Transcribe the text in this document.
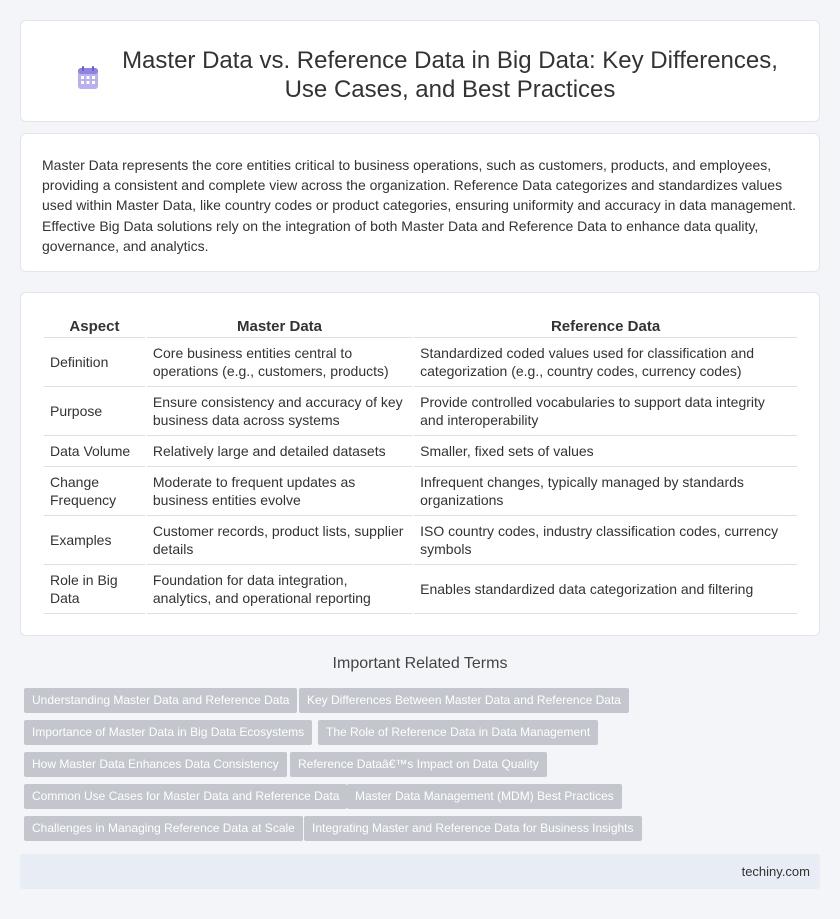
Master Data vs. Reference Data in Big Data: Key Differences, Use Cases, and Best Practices

Master Data represents the core entities critical to business operations, such as customers, products, and employees, providing a consistent and complete view across the organization. Reference Data categorizes and standardizes values used within Master Data, like country codes or product categories, ensuring uniformity and accuracy in data management. Effective Big Data solutions rely on the integration of both Master Data and Reference Data to enhance data quality, governance, and analytics.

Aspect	Master Data	Reference Data
Definition	Core business entities central to operations (e.g., customers, products)	Standardized coded values used for classification and categorization (e.g., country codes, currency codes)
Purpose	Ensure consistency and accuracy of key business data across systems	Provide controlled vocabularies to support data integrity and interoperability
Data Volume	Relatively large and detailed datasets	Smaller, fixed sets of values
Change Frequency	Moderate to frequent updates as business entities evolve	Infrequent changes, typically managed by standards organizations
Examples	Customer records, product lists, supplier details	ISO country codes, industry classification codes, currency symbols
Role in Big Data	Foundation for data integration, analytics, and operational reporting	Enables standardized data categorization and filtering
Important Related Terms
Understanding Master Data and Reference Data	Key Differences Between Master Data and Reference Data
Importance of Master Data in Big Data Ecosystems	The Role of Reference Data in Data Management
How Master Data Enhances Data Consistency	Reference Dataâ€™s Impact on Data Quality
Common Use Cases for Master Data and Reference Data	Master Data Management (MDM) Best Practices
Challenges in Managing Reference Data at Scale	Integrating Master and Reference Data for Business Insights
techiny.com
